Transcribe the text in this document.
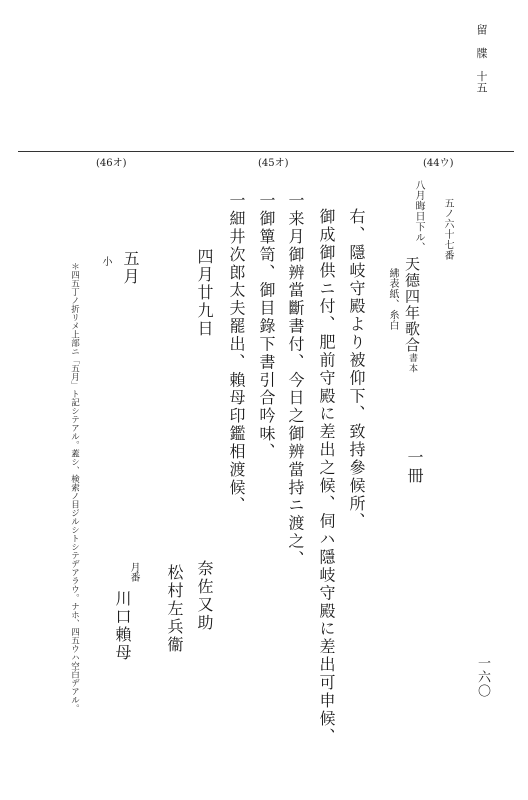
留　牒　十五
(44ウ)
(45オ)
(46オ)
五ノ六十七番
八月晦日下ル、
天德四年歌合書本
紼表紙、糸白
一冊
右、隱岐守殿より被仰下、致持參候所、
御成御供ニ付、肥前守殿に差出之候、伺ハ隱岐守殿に差出可申候、
一来月御辨當斷書付、今日之御辨當持ニ渡之、
一御簞笥、御目錄下書引合吟味、
一細井次郎太夫罷出、賴母印鑑相渡候、
四月廿九日
奈佐又助
松村左兵衞
五月
小
月番
川口賴母
＊四五丁ノ折リメ上部ニ「五月」ト記シテアル。蓋シ、検索ノ目ジルシトシテデアラウ。ナホ、四五ウハ空白デアル。	一六〇
